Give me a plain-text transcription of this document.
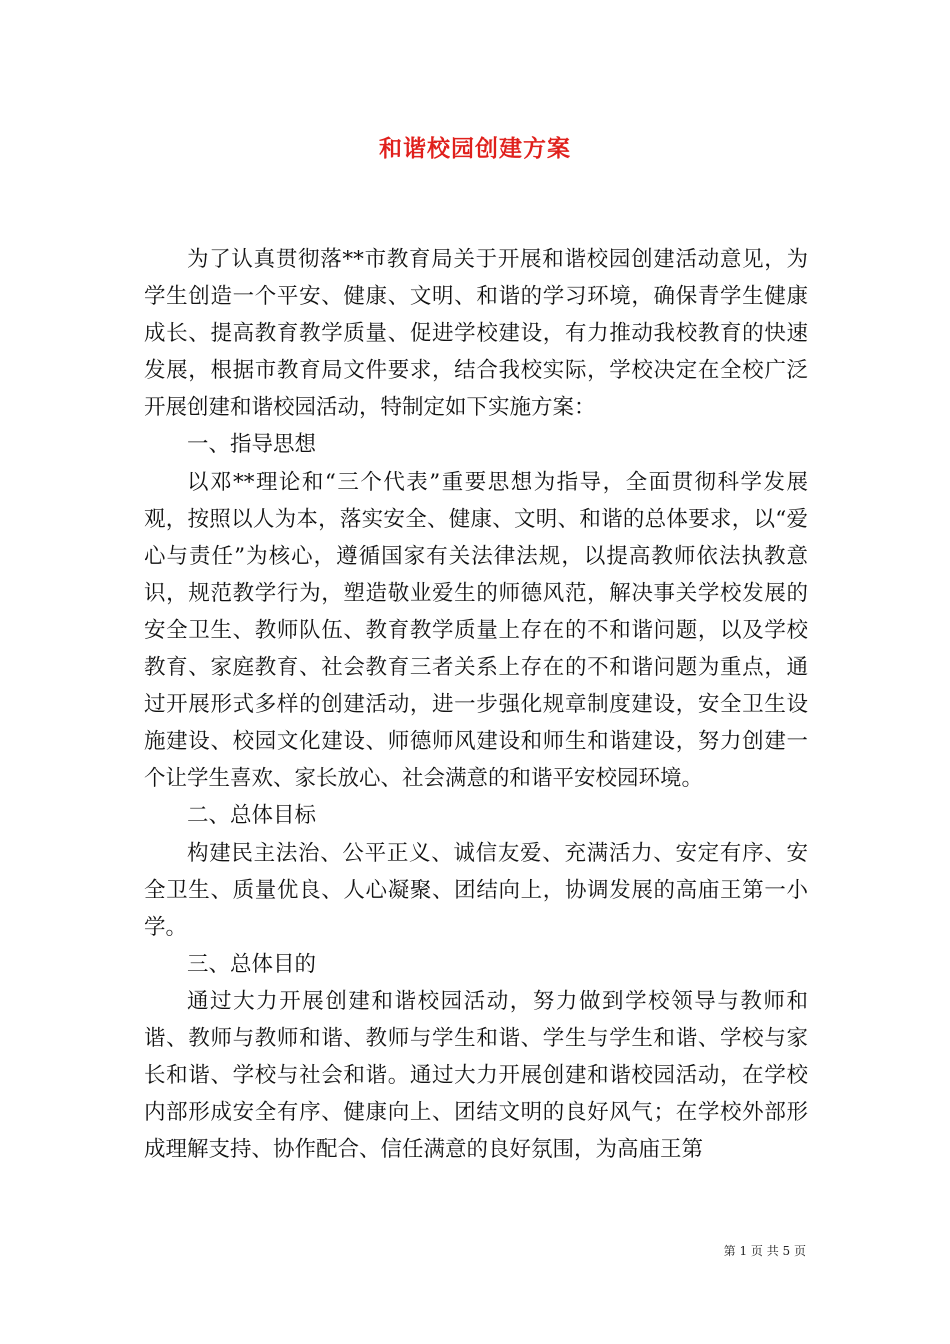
和谐校园创建方案

为了认真贯彻落**市教育局关于开展和谐校园创建活动意见，为学生创造一个平安、健康、文明、和谐的学习环境，确保青学生健康成长、提高教育教学质量、促进学校建设，有力推动我校教育的快速发展，根据市教育局文件要求，结合我校实际，学校决定在全校广泛开展创建和谐校园活动，特制定如下实施方案：

一、指导思想

以邓**理论和“三个代表”重要思想为指导，全面贯彻科学发展观，按照以人为本，落实安全、健康、文明、和谐的总体要求，以“爱心与责任”为核心，遵循国家有关法律法规，以提高教师依法执教意识，规范教学行为，塑造敬业爱生的师德风范，解决事关学校发展的安全卫生、教师队伍、教育教学质量上存在的不和谐问题，以及学校教育、家庭教育、社会教育三者关系上存在的不和谐问题为重点，通过开展形式多样的创建活动，进一步强化规章制度建设，安全卫生设施建设、校园文化建设、师德师风建设和师生和谐建设，努力创建一个让学生喜欢、家长放心、社会满意的和谐平安校园环境。

二、总体目标

构建民主法治、公平正义、诚信友爱、充满活力、安定有序、安全卫生、质量优良、人心凝聚、团结向上，协调发展的高庙王第一小学。

三、总体目的

通过大力开展创建和谐校园活动，努力做到学校领导与教师和谐、教师与教师和谐、教师与学生和谐、学生与学生和谐、学校与家长和谐、学校与社会和谐。通过大力开展创建和谐校园活动，在学校内部形成安全有序、健康向上、团结文明的良好风气；在学校外部形成理解支持、协作配合、信任满意的良好氛围，为高庙王第

第 1 页 共 5 页
